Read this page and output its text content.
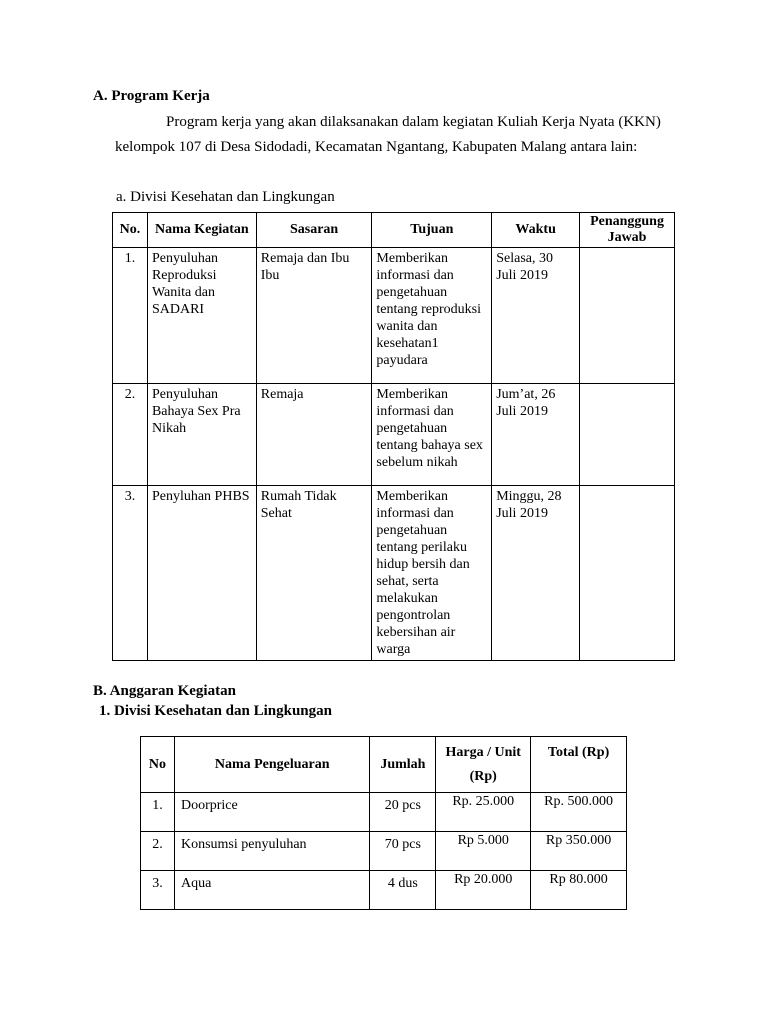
A. Program Kerja
Program kerja yang akan dilaksanakan dalam kegiatan Kuliah Kerja Nyata (KKN)
kelompok 107 di Desa Sidodadi, Kecamatan Ngantang, Kabupaten Malang antara lain:
a. Divisi Kesehatan dan Lingkungan
No.	Nama Kegiatan	Sasaran	Tujuan	Waktu	Penanggung Jawab
1.	Penyuluhan Reproduksi Wanita dan SADARI	Remaja dan Ibu Ibu	Memberikan informasi dan pengetahuan tentang reproduksi wanita dan kesehatan1 payudara	Selasa, 30 Juli 2019	
2.	Penyuluhan Bahaya Sex Pra Nikah	Remaja	Memberikan informasi dan pengetahuan tentang bahaya sex sebelum nikah	Jum’at, 26 Juli 2019	
3.	Penyluhan PHBS	Rumah Tidak Sehat	Memberikan informasi dan pengetahuan tentang perilaku hidup bersih dan sehat, serta melakukan pengontrolan kebersihan air warga	Minggu, 28 Juli 2019	
B. Anggaran Kegiatan
1. Divisi Kesehatan dan Lingkungan
No	Nama Pengeluaran	Jumlah	Harga / Unit (Rp)	Total (Rp)
1.	Doorprice	20 pcs	Rp. 25.000	Rp. 500.000
2.	Konsumsi penyuluhan	70 pcs	Rp 5.000	Rp 350.000
3.	Aqua	4 dus	Rp 20.000	Rp 80.000
